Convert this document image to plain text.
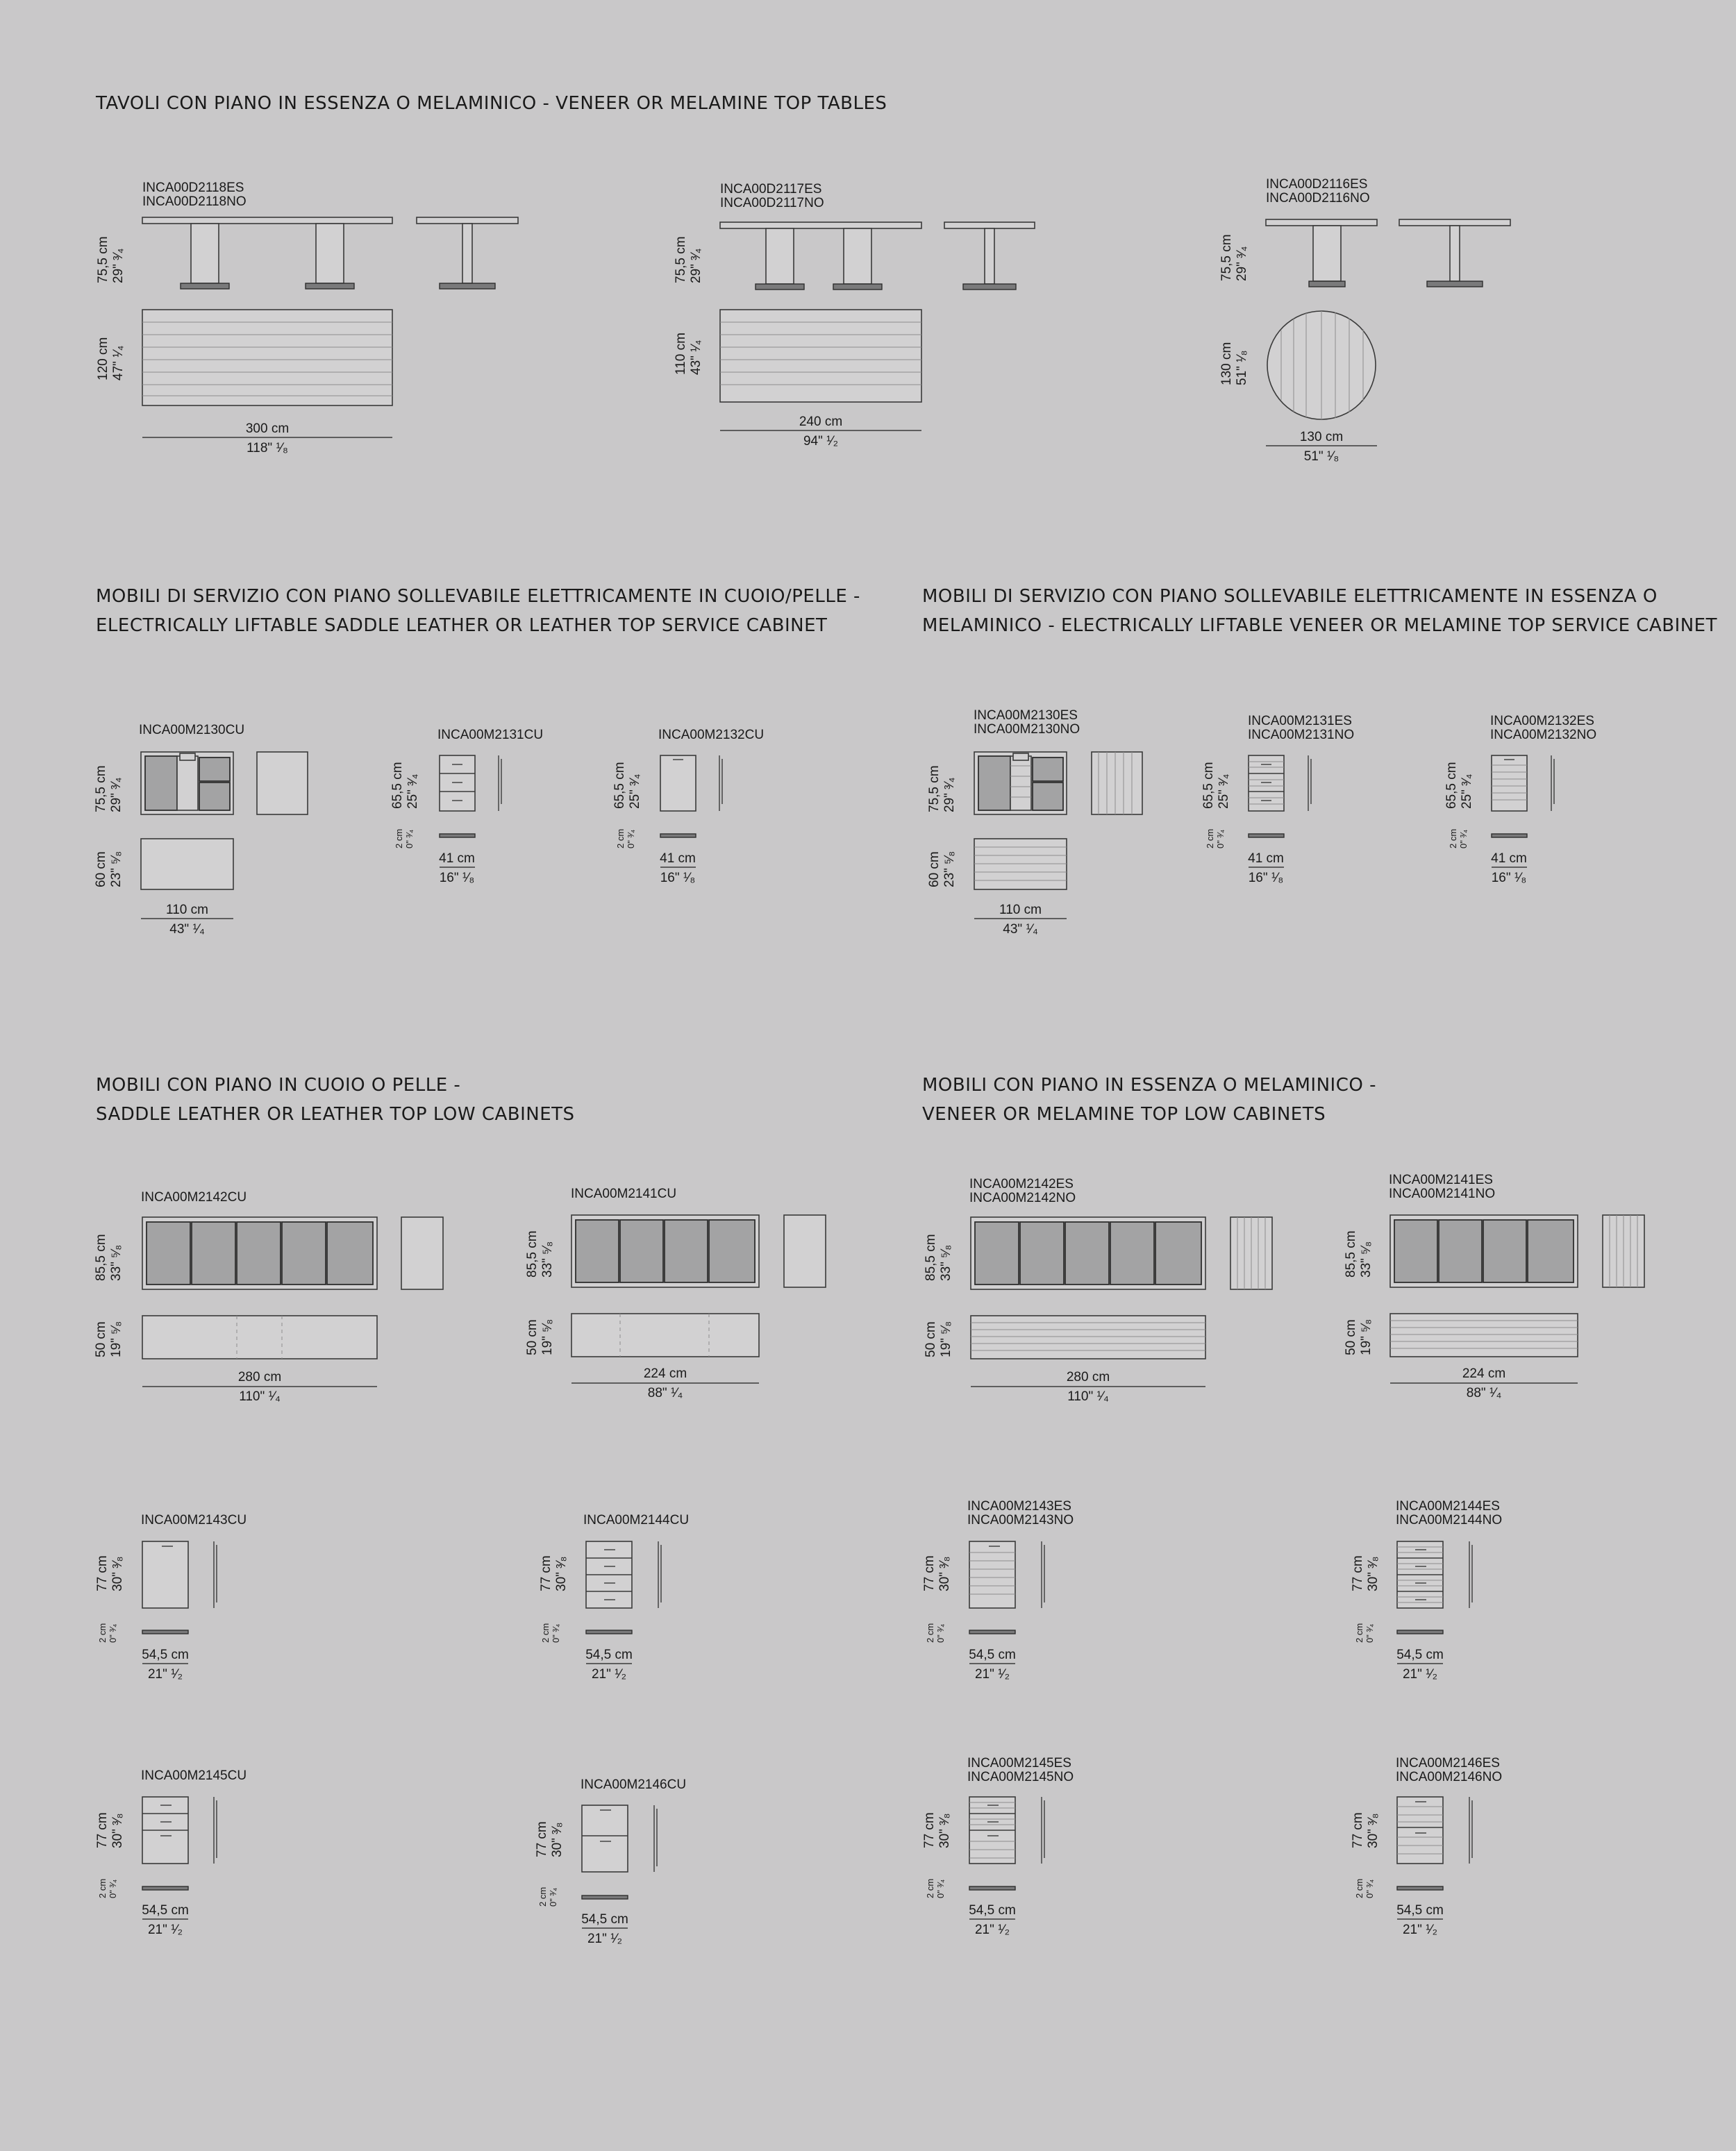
TAVOLI CON PIANO IN ESSENZA O MELAMINICO - VENEER OR MELAMINE TOP TABLES
MOBILI DI SERVIZIO CON PIANO SOLLEVABILE ELETTRICAMENTE IN CUOIO/PELLE -
ELECTRICALLY LIFTABLE SADDLE LEATHER OR LEATHER TOP SERVICE CABINET
MOBILI DI SERVIZIO CON PIANO SOLLEVABILE ELETTRICAMENTE IN ESSENZA O
MELAMINICO - ELECTRICALLY LIFTABLE VENEER OR MELAMINE TOP SERVICE CABINET
MOBILI CON PIANO IN CUOIO O PELLE -
SADDLE LEATHER OR LEATHER TOP LOW CABINETS
MOBILI CON PIANO IN ESSENZA O MELAMINICO -
VENEER OR MELAMINE TOP LOW CABINETS
INCA00D2118ES
INCA00D2118NO
75,5 cm 29" ³⁄₄
120 cm 47" ¹⁄₄
300 cm
118" ¹⁄₈
INCA00D2117ES
INCA00D2117NO
75,5 cm 29" ³⁄₄
110 cm 43" ¹⁄₄
240 cm
94" ¹⁄₂
INCA00D2116ES
INCA00D2116NO
75,5 cm 29" ³⁄₄
130 cm 51" ¹⁄₈
130 cm
51" ¹⁄₈
INCA00M2130CU
75,5 cm 29" ³⁄₄
60 cm 23" ⁵⁄₈
110 cm
43" ¹⁄₄
INCA00M2131CU
65,5 cm 25" ³⁄₄
2 cm 0" ³⁄₄
41 cm
16" ¹⁄₈
INCA00M2132CU
65,5 cm 25" ³⁄₄
2 cm 0" ³⁄₄
41 cm
16" ¹⁄₈
INCA00M2130ES
INCA00M2130NO
75,5 cm 29" ³⁄₄
60 cm 23" ⁵⁄₈
110 cm
43" ¹⁄₄
INCA00M2131ES
INCA00M2131NO
65,5 cm 25" ³⁄₄
2 cm 0" ³⁄₄
41 cm
16" ¹⁄₈
INCA00M2132ES
INCA00M2132NO
65,5 cm 25" ³⁄₄
2 cm 0" ³⁄₄
41 cm
16" ¹⁄₈
INCA00M2142CU
85,5 cm 33" ⁵⁄₈
50 cm 19" ⁵⁄₈
280 cm
110" ¹⁄₄
INCA00M2141CU
85,5 cm 33" ⁵⁄₈
50 cm 19" ⁵⁄₈
224 cm
88" ¹⁄₄
INCA00M2142ES
INCA00M2142NO
85,5 cm 33" ⁵⁄₈
50 cm 19" ⁵⁄₈
280 cm
110" ¹⁄₄
INCA00M2141ES
INCA00M2141NO
85,5 cm 33" ⁵⁄₈
50 cm 19" ⁵⁄₈
224 cm
88" ¹⁄₄
INCA00M2143CU
77 cm 30" ³⁄₈
2 cm 0" ³⁄₄
54,5 cm
21" ¹⁄₂
INCA00M2144CU
77 cm 30" ³⁄₈
2 cm 0" ³⁄₄
54,5 cm
21" ¹⁄₂
INCA00M2143ES
INCA00M2143NO
77 cm 30" ³⁄₈
2 cm 0" ³⁄₄
54,5 cm
21" ¹⁄₂
INCA00M2144ES
INCA00M2144NO
77 cm 30" ³⁄₈
2 cm 0" ³⁄₄
54,5 cm
21" ¹⁄₂
INCA00M2145CU
77 cm 30" ³⁄₈
2 cm 0" ³⁄₄
54,5 cm
21" ¹⁄₂
INCA00M2146CU
77 cm 30" ³⁄₈
2 cm 0" ³⁄₄
54,5 cm
21" ¹⁄₂
INCA00M2145ES
INCA00M2145NO
77 cm 30" ³⁄₈
2 cm 0" ³⁄₄
54,5 cm
21" ¹⁄₂
INCA00M2146ES
INCA00M2146NO
77 cm 30" ³⁄₈
2 cm 0" ³⁄₄
54,5 cm
21" ¹⁄₂
